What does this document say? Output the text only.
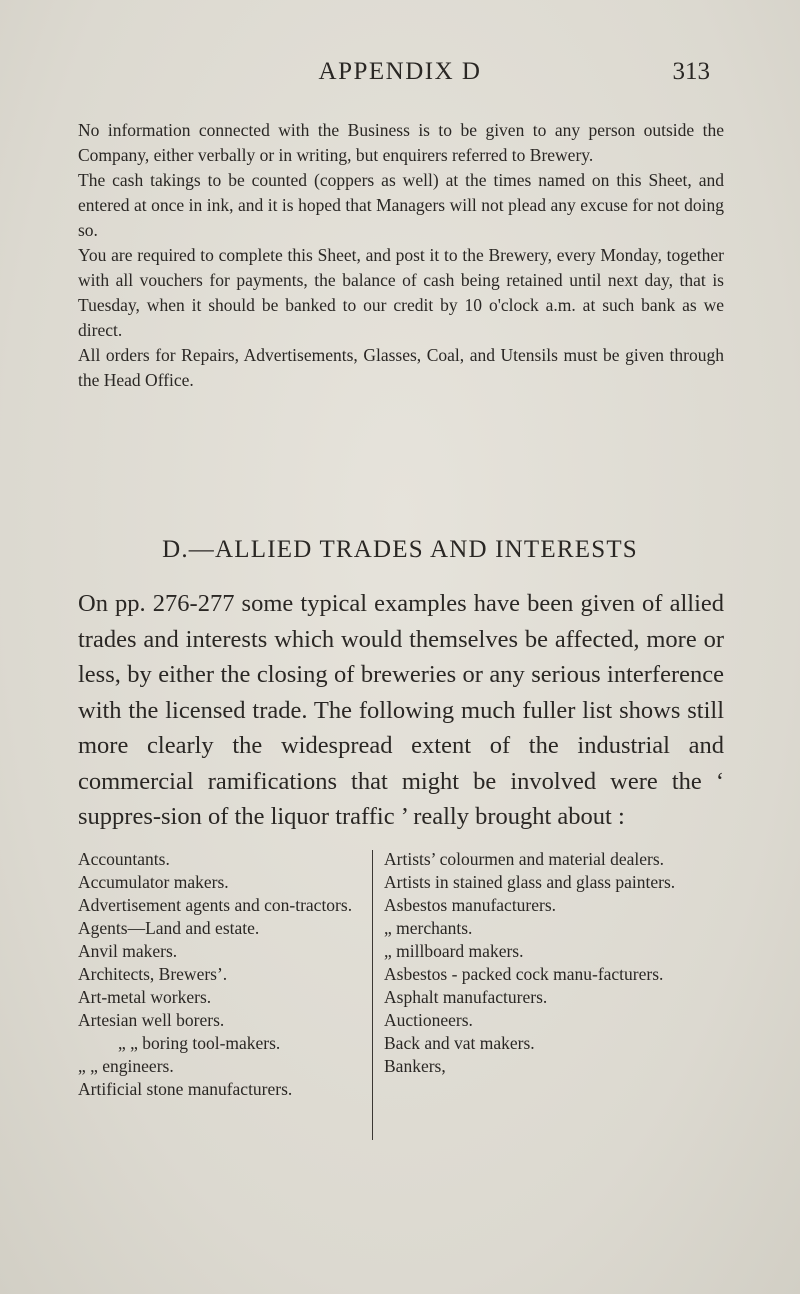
APPENDIX D	313

No information connected with the Business is to be given to any person outside the Company, either verbally or in writing, but enquirers referred to Brewery.

The cash takings to be counted (coppers as well) at the times named on this Sheet, and entered at once in ink, and it is hoped that Managers will not plead any excuse for not doing so.

You are required to complete this Sheet, and post it to the Brewery, every Monday, together with all vouchers for payments, the balance of cash being retained until next day, that is Tuesday, when it should be banked to our credit by 10 o'clock a.m. at such bank as we direct.

All orders for Repairs, Advertisements, Glasses, Coal, and Utensils must be given through the Head Office.

D.—ALLIED TRADES AND INTERESTS
On pp. 276-277 some typical examples have been given of allied trades and interests which would themselves be affected, more or less, by either the closing of breweries or any serious interference with the licensed trade. The following much fuller list shows still more clearly the widespread extent of the industrial and commercial ramifications that might be involved were the ‘ suppres-sion of the liquor traffic ’ really brought about :
Accountants.
Accumulator makers.
Advertisement agents and con-tractors.
Agents—Land and estate.
Anvil makers.
Architects, Brewers’.
Art-metal workers.
Artesian well borers.
„ „ boring tool-makers.
„ „ engineers.
Artificial stone manufacturers.
Artists’ colourmen and material dealers.
Artists in stained glass and glass painters.
Asbestos manufacturers.
„ merchants.
„ millboard makers.
Asbestos - packed cock manu-facturers.
Asphalt manufacturers.
Auctioneers.
Back and vat makers.
Bankers,
